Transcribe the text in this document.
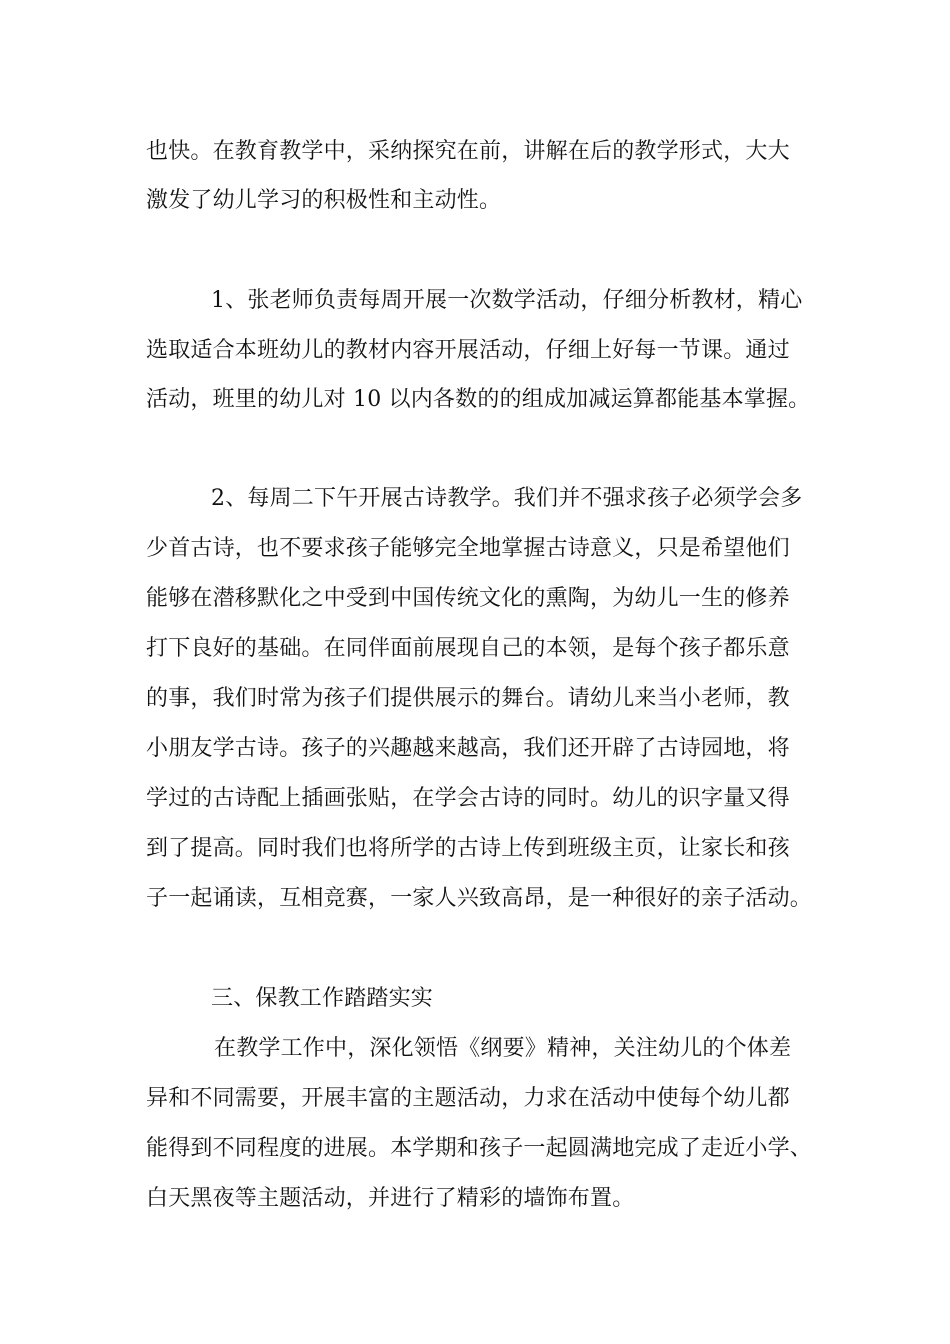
也快。在教育教学中，采纳探究在前，讲解在后的教学形式，大大
激发了幼儿学习的积极性和主动性。
1、张老师负责每周开展一次数学活动，仔细分析教材，精心
选取适合本班幼儿的教材内容开展活动，仔细上好每一节课。通过
活动，班里的幼儿对 10 以内各数的的组成加减运算都能基本掌握。
2、每周二下午开展古诗教学。我们并不强求孩子必须学会多
少首古诗，也不要求孩子能够完全地掌握古诗意义，只是希望他们
能够在潜移默化之中受到中国传统文化的熏陶，为幼儿一生的修养
打下良好的基础。在同伴面前展现自己的本领，是每个孩子都乐意
的事，我们时常为孩子们提供展示的舞台。请幼儿来当小老师，教
小朋友学古诗。孩子的兴趣越来越高，我们还开辟了古诗园地，将
学过的古诗配上插画张贴，在学会古诗的同时。幼儿的识字量又得
到了提高。同时我们也将所学的古诗上传到班级主页，让家长和孩
子一起诵读，互相竞赛，一家人兴致高昂，是一种很好的亲子活动。
三、保教工作踏踏实实
在教学工作中，深化领悟《纲要》精神，关注幼儿的个体差
异和不同需要，开展丰富的主题活动，力求在活动中使每个幼儿都
能得到不同程度的进展。本学期和孩子一起圆满地完成了走近小学、
白天黑夜等主题活动，并进行了精彩的墙饰布置。
